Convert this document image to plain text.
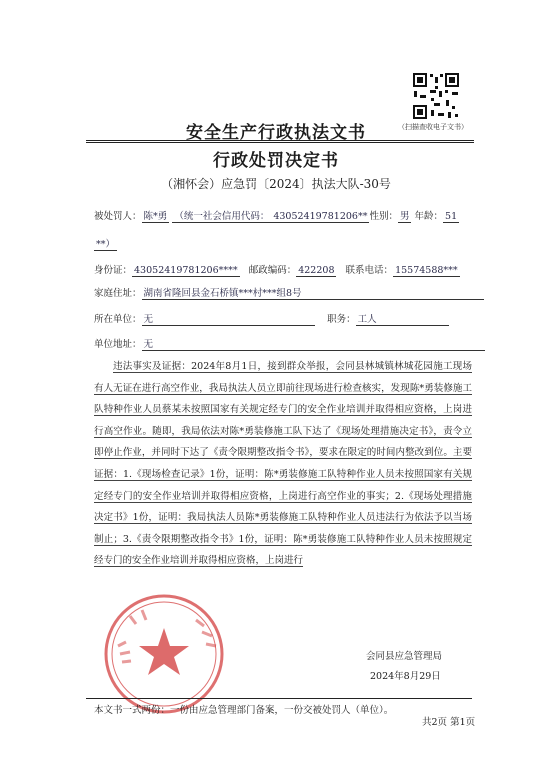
（扫描查收电子文书）
安全生产行政执法文书
行政处罚决定书
（湘怀会）应急罚〔2024〕执法大队-30号
被处罚人： 陈*勇 （统一社会信用代码： 43052419781206** 性别： 男 年龄： 51
**）
身份证： 43052419781206**** 邮政编码： 422208 联系电话： 15574588***
家庭住址： 湖南省隆回县金石桥镇***村***组8号
所在单位： 无	职务： 工人
单位地址： 无

违法事实及证据：2024年8月1日，接到群众举报，会同县林城镇林城花园施工现场有人无证在进行高空作业，我局执法人员立即前往现场进行检查核实，发现陈*勇装修施工队特种作业人员蔡某未按照国家有关规定经专门的安全作业培训并取得相应资格，上岗进行高空作业。随即，我局依法对陈*勇装修施工队下达了《现场处理措施决定书》，责令立即停止作业，并同时下达了《责令限期整改指令书》，要求在限定的时间内整改到位。主要证据：1.《现场检查记录》1份，证明：陈*勇装修施工队特种作业人员未按照国家有关规定经专门的安全作业培训并取得相应资格，上岗进行高空作业的事实；2.《现场处理措施决定书》1份，证明：我局执法人员陈*勇装修施工队特种作业人员违法行为依法予以当场制止；3.《责令限期整改指令书》1份，证明：陈*勇装修施工队特种作业人员未按照规定经专门的安全作业培训并取得相应资格，上岗进行

会同县应急管理局
2024年8月29日
本文书一式两份：一份由应急管理部门备案，一份交被处罚人（单位）。
共2页 第1页
